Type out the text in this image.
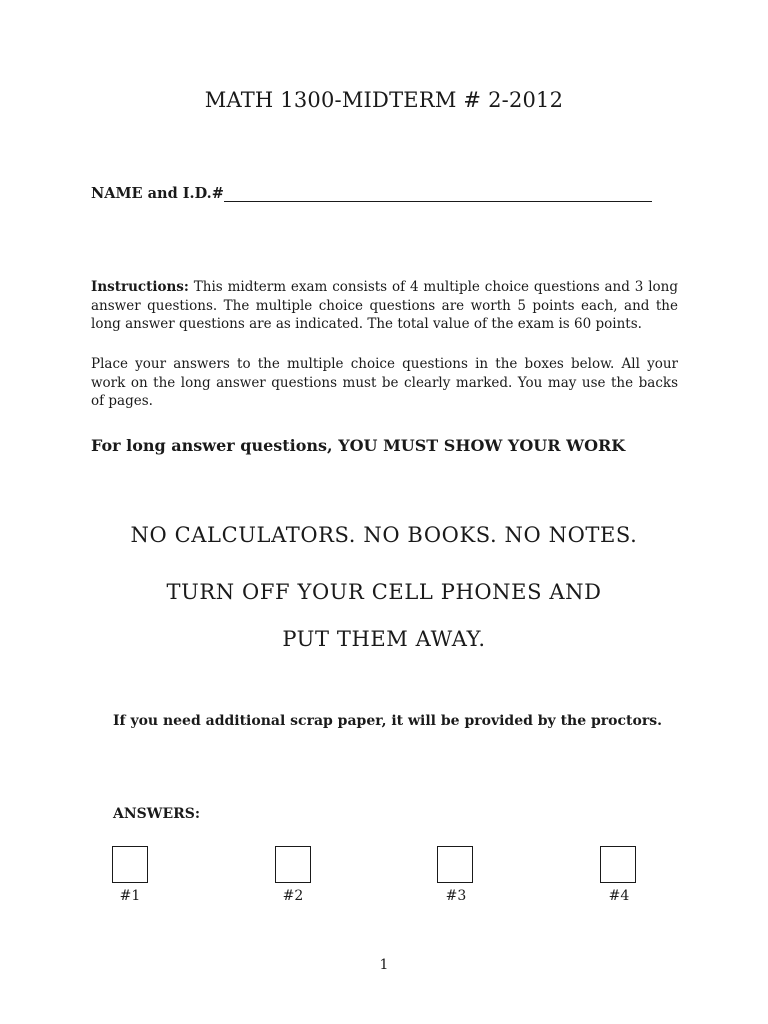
MATH 1300-MIDTERM # 2-2012
NAME and I.D.#
Instructions: This midterm exam consists of 4 multiple choice questions and 3 long answer questions. The multiple choice questions are worth 5 points each, and the long answer questions are as indicated. The total value of the exam is 60 points.
Place your answers to the multiple choice questions in the boxes below. All your work on the long answer questions must be clearly marked. You may use the backs of pages.
For long answer questions, YOU MUST SHOW YOUR WORK
NO CALCULATORS. NO BOOKS. NO NOTES.
TURN OFF YOUR CELL PHONES AND
PUT THEM AWAY.
If you need additional scrap paper, it will be provided by the proctors.
ANSWERS:
#1	#2	#3	#4
1
